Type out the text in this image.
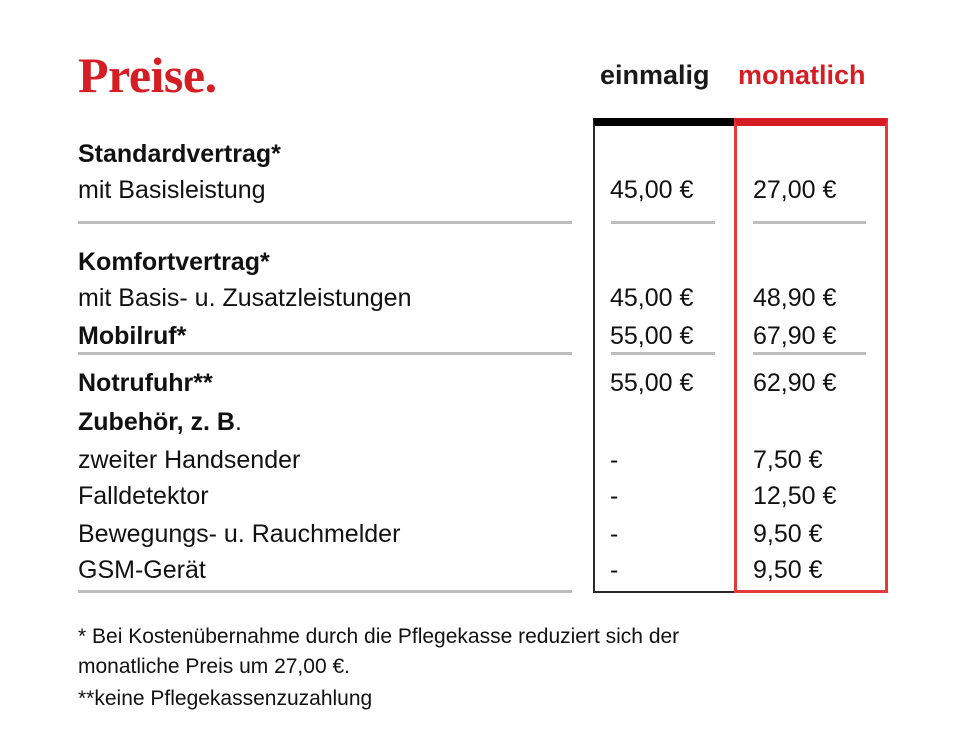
Preise.	einmalig monatlich
Standardvertrag*
mit Basisleistung	45,00 € 27,00 €
Komfortvertrag*
mit Basis- u. Zusatzleistungen	45,00 € 48,90 €
Mobilruf*	55,00 € 67,90 €
Notrufuhr**	55,00 € 62,90 €
Zubehör, z. B.
zweiter Handsender	-	7,50 €
Falldetektor	-	12,50 €
Bewegungs- u. Rauchmelder	-	9,50 €
GSM-Gerät	-	9,50 €
* Bei Kostenübernahme durch die Pflegekasse reduziert sich der
monatliche Preis um 27,00 €.
**keine Pflegekassenzuzahlung
